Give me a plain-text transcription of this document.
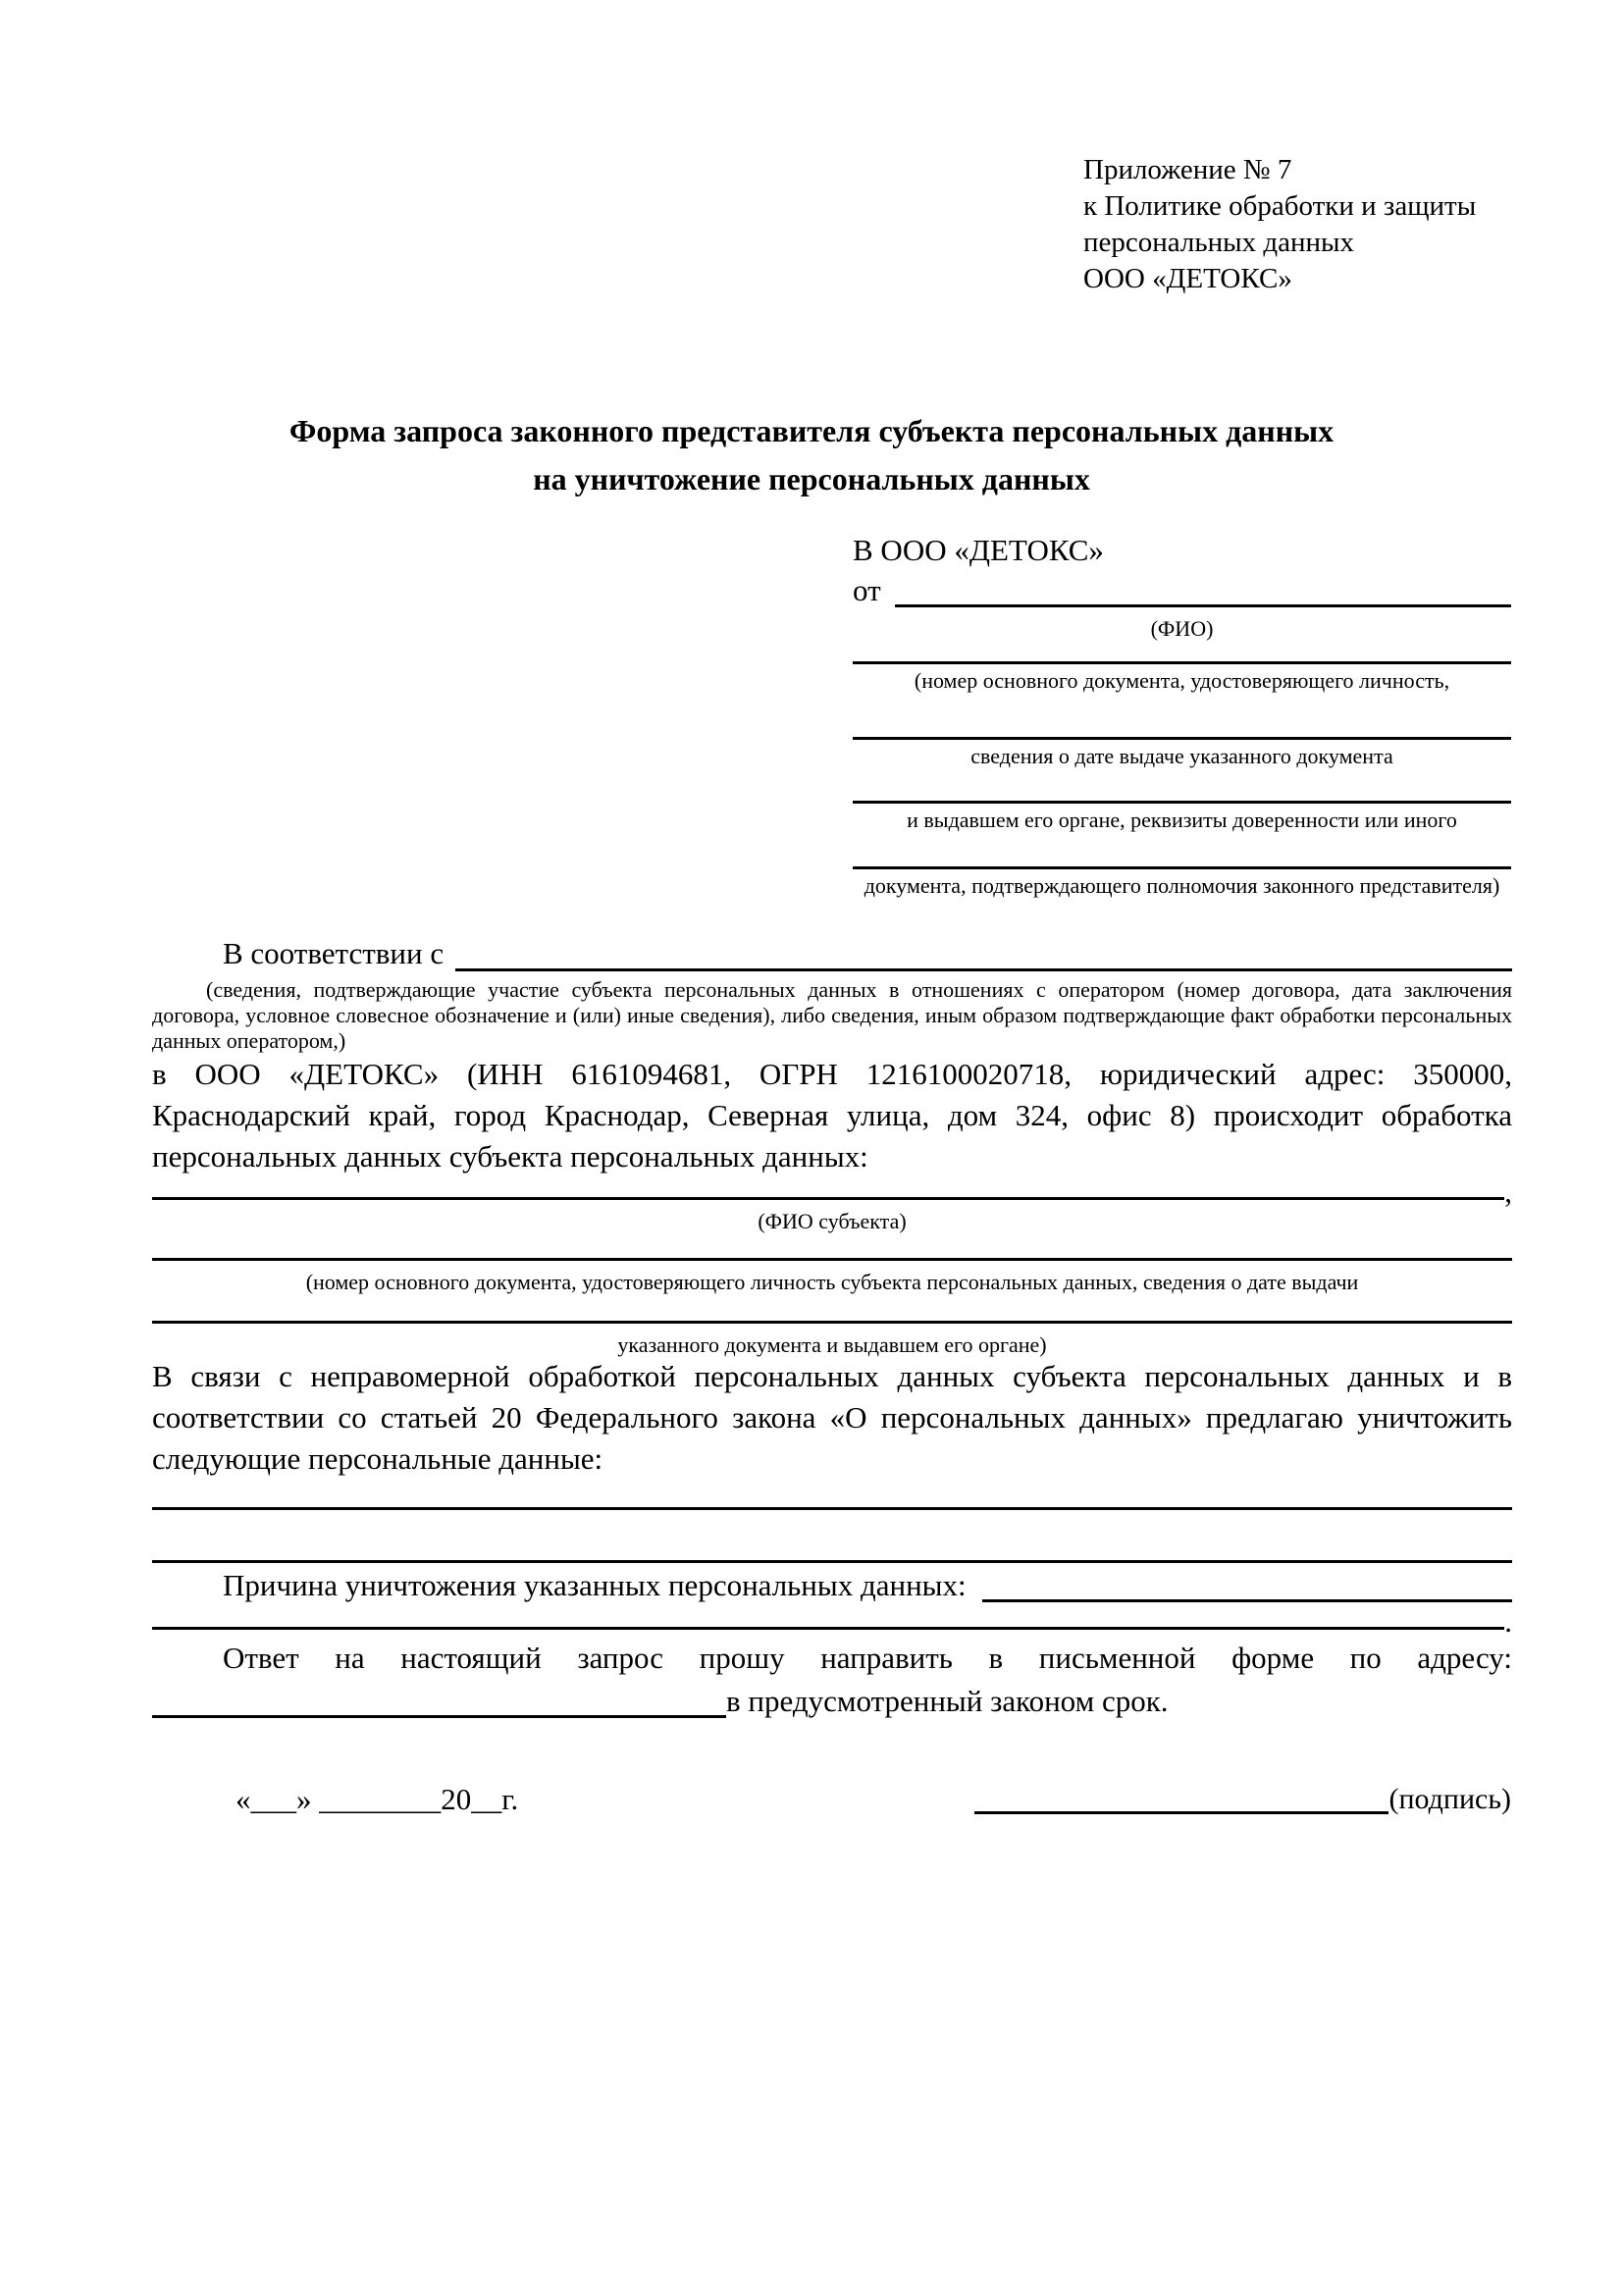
Приложение № 7
к Политике обработки и защиты
персональных данных
ООО «ДЕТОКС»
Форма запроса законного представителя субъекта персональных данных
на уничтожение персональных данных
В ООО «ДЕТОКС»
от
(ФИО)
(номер основного документа, удостоверяющего личность,
сведения о дате выдаче указанного документа
и выдавшем его органе, реквизиты доверенности или иного
документа, подтверждающего полномочия законного представителя)
В соответствии с

(сведения, подтверждающие участие субъекта персональных данных в отношениях с оператором (номер договора, дата заключения договора, условное словесное обозначение и (или) иные сведения), либо сведения, иным образом подтверждающие факт обработки персональных данных оператором,)

в ООО «ДЕТОКС» (ИНН 6161094681, ОГРН 1216100020718, юридический адрес: 350000, Краснодарский край, город Краснодар, Северная улица, дом 324, офис 8) происходит обработка персональных данных субъекта персональных данных:

,
(ФИО субъекта)
(номер основного документа, удостоверяющего личность субъекта персональных данных, сведения о дате выдачи
указанного документа и выдавшем его органе)

В связи с неправомерной обработкой персональных данных субъекта персональных данных и в соответствии со статьей 20 Федерального закона «О персональных данных» предлагаю уничтожить следующие персональные данные:

Причина уничтожения указанных персональных данных:
.

Ответ на настоящий запрос прошу направить в письменной форме по адресу:

в предусмотренный законом срок.
«___» ________20__г.	(подпись)
